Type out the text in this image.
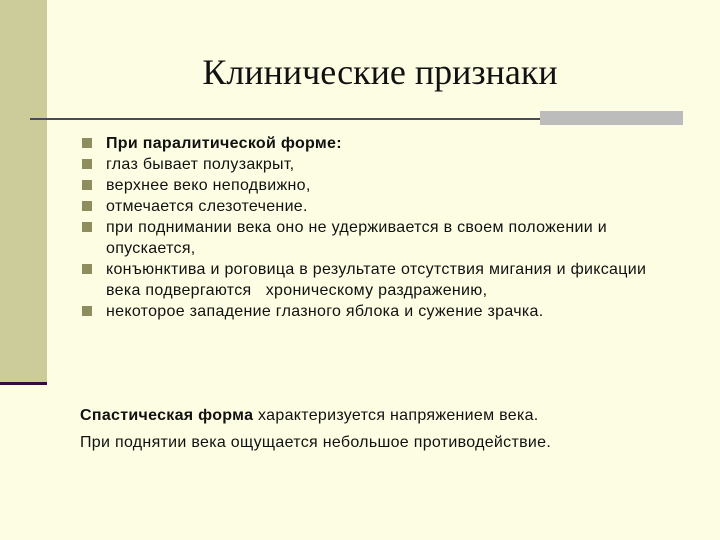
Клинические признаки
При паралитической форме:
глаз бывает полузакрыт,
верхнее веко неподвижно,
отмечается слезотечение.
при поднимании века оно не удерживается в своем положении и опускается,
конъюнктива и роговица в результате отсутствия мигания и фиксации века подвергаются   хроническому раздражению,
некоторое западение глазного яблока и сужение зрачка.
Спастическая форма характеризуется напряжением века.
При поднятии века ощущается небольшое противодействие.
